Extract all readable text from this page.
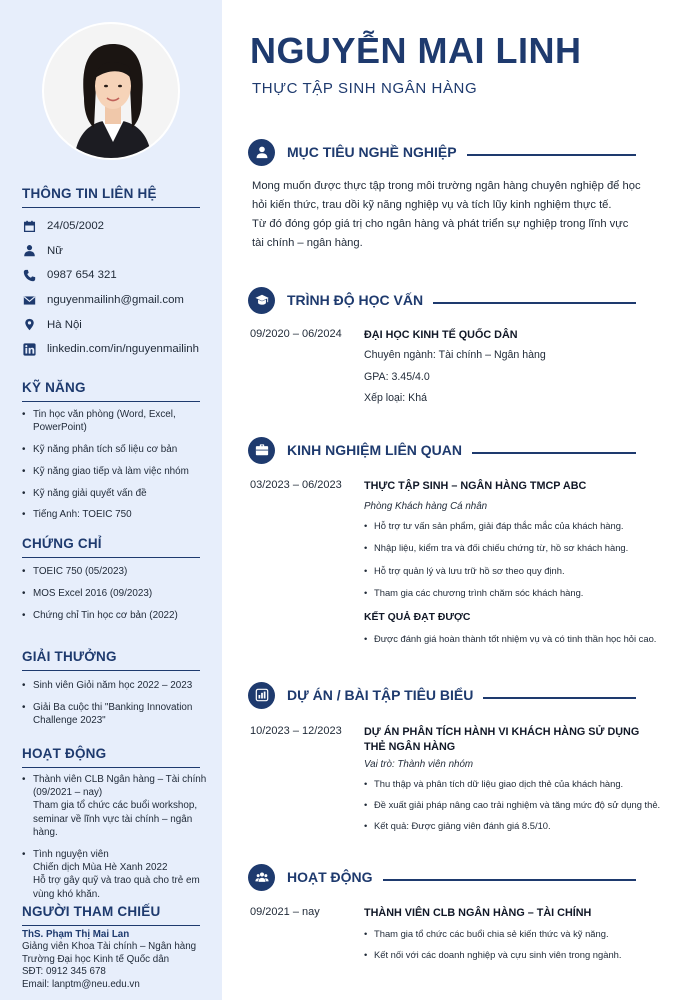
THÔNG TIN LIÊN HỆ
24/05/2002
Nữ
0987 654 321
nguyenmailinh@gmail.com
Hà Nội
linkedin.com/in/nguyenmailinh
KỸ NĂNG
• Tin học văn phòng (Word, Excel, PowerPoint)
• Kỹ năng phân tích số liệu cơ bản
• Kỹ năng giao tiếp và làm việc nhóm
• Kỹ năng giải quyết vấn đề
• Tiếng Anh: TOEIC 750
CHỨNG CHỈ
• TOEIC 750 (05/2023)
• MOS Excel 2016 (09/2023)
• Chứng chỉ Tin học cơ bản (2022)
GIẢI THƯỞNG
• Sinh viên Giỏi năm học 2022 – 2023
• Giải Ba cuộc thi "Banking Innovation Challenge 2023"
HOẠT ĐỘNG
• Thành viên CLB Ngân hàng – Tài chính
(09/2021 – nay)
Tham gia tổ chức các buổi workshop, seminar về lĩnh vực tài chính – ngân hàng.
• Tình nguyện viên
Chiến dịch Mùa Hè Xanh 2022
Hỗ trợ gây quỹ và trao quà cho trẻ em vùng khó khăn.
NGƯỜI THAM CHIẾU
ThS. Phạm Thị Mai Lan
Giảng viên Khoa Tài chính – Ngân hàng
Trường Đại học Kinh tế Quốc dân
SĐT: 0912 345 678
Email: lanptm@neu.edu.vn
NGUYỄN MAI LINH
THỰC TẬP SINH NGÂN HÀNG
MỤC TIÊU NGHỀ NGHIỆP
Mong muốn được thực tập trong môi trường ngân hàng chuyên nghiệp để học
hỏi kiến thức, trau dồi kỹ năng nghiệp vụ và tích lũy kinh nghiệm thực tế.
Từ đó đóng góp giá trị cho ngân hàng và phát triển sự nghiệp trong lĩnh vực
tài chính – ngân hàng.
TRÌNH ĐỘ HỌC VẤN
09/2020 – 06/2024 ĐẠI HỌC KINH TẾ QUỐC DÂN
Chuyên ngành: Tài chính – Ngân hàng
GPA: 3.45/4.0
Xếp loại: Khá
KINH NGHIỆM LIÊN QUAN
03/2023 – 06/2023 THỰC TẬP SINH – NGÂN HÀNG TMCP ABC
Phòng Khách hàng Cá nhân
• Hỗ trợ tư vấn sản phẩm, giải đáp thắc mắc của khách hàng.
• Nhập liệu, kiểm tra và đối chiếu chứng từ, hồ sơ khách hàng.
• Hỗ trợ quản lý và lưu trữ hồ sơ theo quy định.
• Tham gia các chương trình chăm sóc khách hàng.
KẾT QUẢ ĐẠT ĐƯỢC
• Được đánh giá hoàn thành tốt nhiệm vụ và có tinh thần học hỏi cao.
DỰ ÁN / BÀI TẬP TIÊU BIỂU
10/2023 – 12/2023 DỰ ÁN PHÂN TÍCH HÀNH VI KHÁCH HÀNG SỬ DỤNG
THẺ NGÂN HÀNG
Vai trò: Thành viên nhóm
• Thu thập và phân tích dữ liệu giao dịch thẻ của khách hàng.
• Đề xuất giải pháp nâng cao trải nghiệm và tăng mức độ sử dụng thẻ.
• Kết quả: Được giảng viên đánh giá 8.5/10.
HOẠT ĐỘNG
09/2021 – nay	THÀNH VIÊN CLB NGÂN HÀNG – TÀI CHÍNH
• Tham gia tổ chức các buổi chia sẻ kiến thức và kỹ năng.
• Kết nối với các doanh nghiệp và cựu sinh viên trong ngành.
